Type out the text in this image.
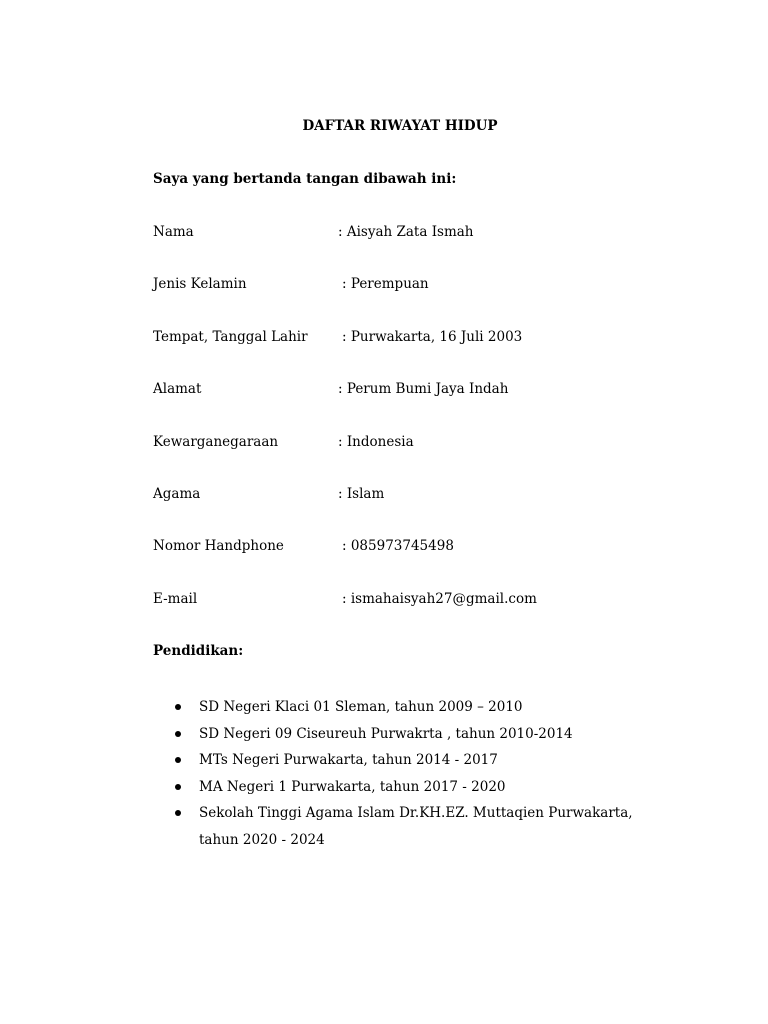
DAFTAR RIWAYAT HIDUP
Saya yang bertanda tangan dibawah ini:
Nama	: Aisyah Zata Ismah
Jenis Kelamin	: Perempuan
Tempat, Tanggal Lahir	: Purwakarta, 16 Juli 2003
Alamat	: Perum Bumi Jaya Indah
Kewarganegaraan	: Indonesia
Agama	: Islam
Nomor Handphone	: 085973745498
E-mail	: ismahaisyah27@gmail.com
Pendidikan:
SD Negeri Klaci 01 Sleman, tahun 2009 – 2010
SD Negeri 09 Ciseureuh Purwakrta , tahun 2010-2014
MTs Negeri Purwakarta, tahun 2014 - 2017
MA Negeri 1 Purwakarta, tahun 2017 - 2020
Sekolah Tinggi Agama Islam Dr.KH.EZ. Muttaqien Purwakarta, tahun 2020 - 2024
